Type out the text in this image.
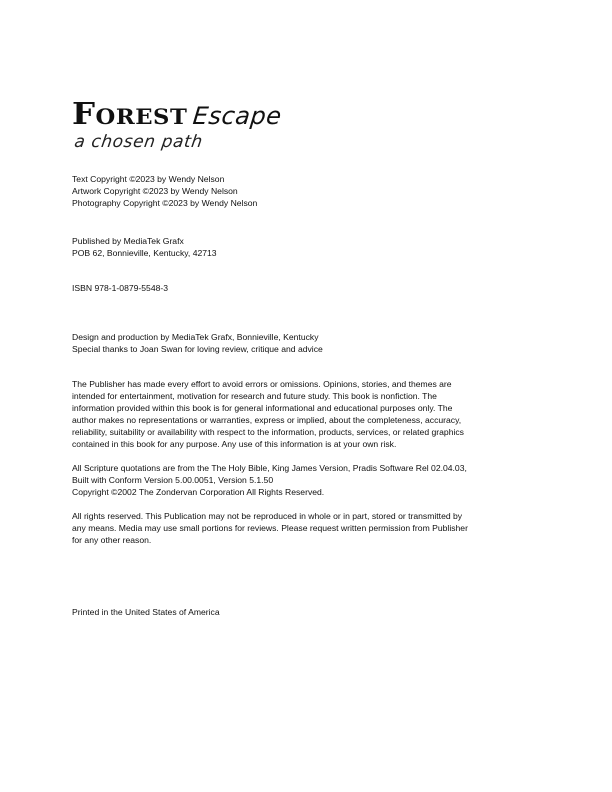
Forest Escape
a chosen path
Text Copyright ©2023 by Wendy Nelson
Artwork Copyright ©2023 by Wendy Nelson
Photography Copyright ©2023 by Wendy Nelson
Published by MediaTek Grafx
POB 62, Bonnieville, Kentucky, 42713
ISBN 978-1-0879-5548-3
Design and production by MediaTek Grafx, Bonnieville, Kentucky
Special thanks to Joan Swan for loving review, critique and advice
The Publisher has made every effort to avoid errors or omissions. Opinions, stories, and themes are
intended for entertainment, motivation for research and future study. This book is nonfiction. The
information provided within this book is for general informational and educational purposes only. The
author makes no representations or warranties, express or implied, about the completeness, accuracy,
reliability, suitability or availability with respect to the information, products, services, or related graphics
contained in this book for any purpose. Any use of this information is at your own risk.
All Scripture quotations are from the The Holy Bible, King James Version, Pradis Software Rel 02.04.03,
Built with Conform Version 5.00.0051, Version 5.1.50
Copyright ©2002 The Zondervan Corporation All Rights Reserved.
All rights reserved. This Publication may not be reproduced in whole or in part, stored or transmitted by
any means. Media may use small portions for reviews. Please request written permission from Publisher
for any other reason.
Printed in the United States of America
